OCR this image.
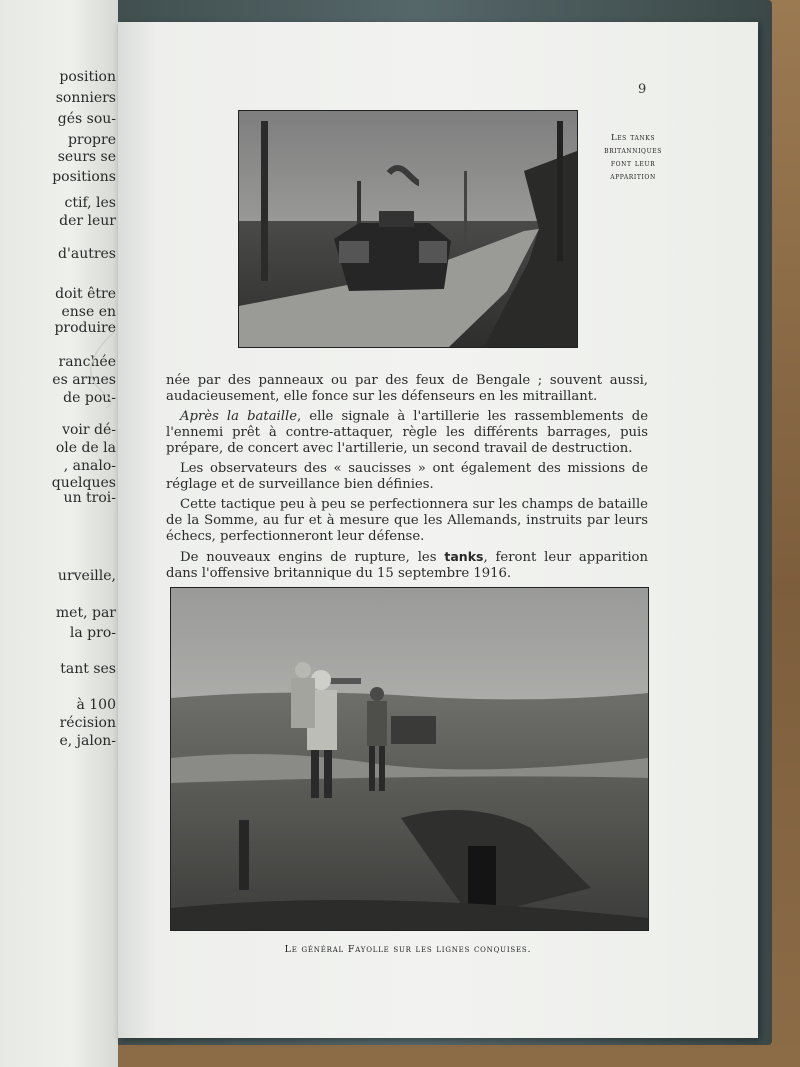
position

sonniers

gés sou-

propre

seurs se

positions

ctif, les

der leur

d'autres

doit être

ense en

produire

ranchée

es armes

de pou-

voir dé-

ole de la

, analo-

quelques

un troi-

urveille,

met, par

la pro-

tant ses

à 100

récision

e, jalon-

9

Les tanks
britanniques
font leur
apparition

née par des panneaux ou par des feux de Bengale ; souvent aussi, audacieusement, elle fonce sur les défenseurs en les mitraillant.

Après la bataille, elle signale à l'artillerie les rassemblements de l'ennemi prêt à contre-attaquer, règle les différents barrages, puis prépare, de concert avec l'artillerie, un second travail de destruction.

Les observateurs des « saucisses » ont également des missions de réglage et de surveillance bien définies.

Cette tactique peu à peu se perfectionnera sur les champs de bataille de la Somme, au fur et à mesure que les Allemands, instruits par leurs échecs, perfectionneront leur défense.

De nouveaux engins de rupture, les tanks, feront leur apparition dans l'offensive britannique du 15 septembre 1916.

Le général Fayolle sur les lignes conquises.
